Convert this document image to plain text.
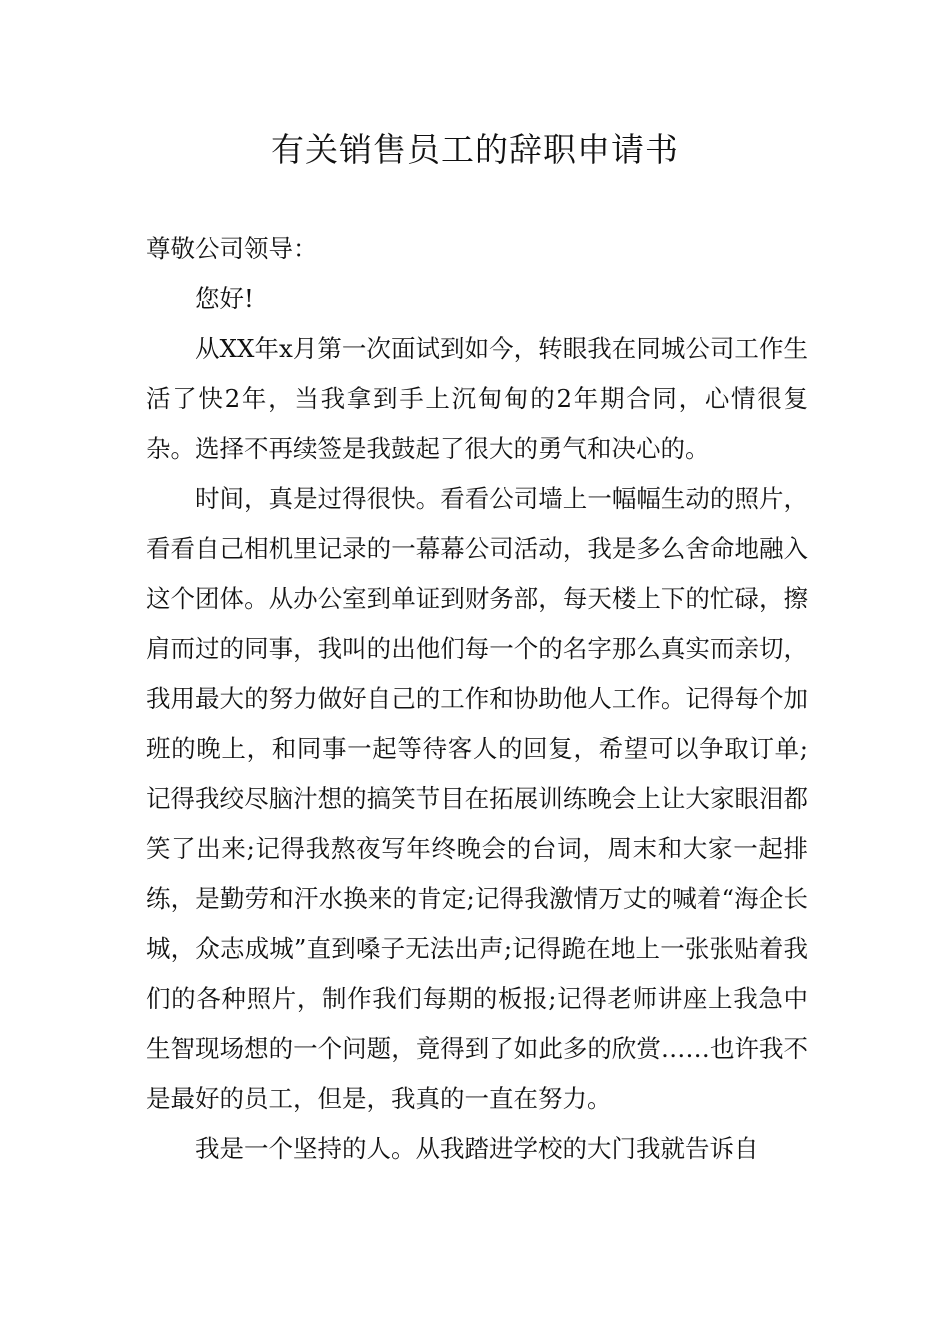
有关销售员工的辞职申请书

尊敬公司领导：

您好!

从XX年x月第一次面试到如今，转眼我在同城公司工作生活了快2年，当我拿到手上沉甸甸的2年期合同，心情很复杂。选择不再续签是我鼓起了很大的勇气和决心的。

时间，真是过得很快。看看公司墙上一幅幅生动的照片，看看自己相机里记录的一幕幕公司活动，我是多么舍命地融入这个团体。从办公室到单证到财务部，每天楼上下的忙碌，擦肩而过的同事，我叫的出他们每一个的名字那么真实而亲切，我用最大的努力做好自己的工作和协助他人工作。记得每个加班的晚上，和同事一起等待客人的回复，希望可以争取订单;记得我绞尽脑汁想的搞笑节目在拓展训练晚会上让大家眼泪都笑了出来;记得我熬夜写年终晚会的台词，周末和大家一起排练，是勤劳和汗水换来的肯定;记得我激情万丈的喊着“海企长城，众志成城”直到嗓子无法出声;记得跪在地上一张张贴着我们的各种照片，制作我们每期的板报;记得老师讲座上我急中生智现场想的一个问题，竟得到了如此多的欣赏……也许我不是最好的员工，但是，我真的一直在努力。

我是一个坚持的人。从我踏进学校的大门我就告诉自
